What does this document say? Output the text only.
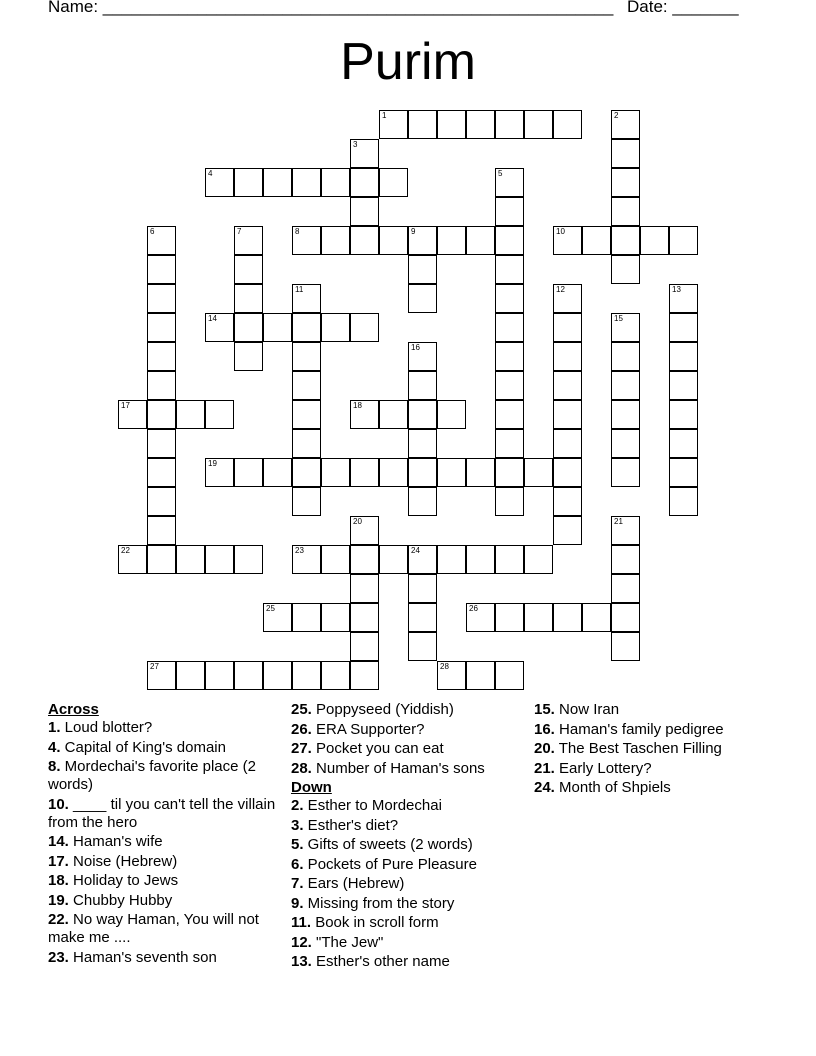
Name: ______________________________________________________ Date: _______
Purim
1	2
3
4	5
6	7	8	9	10
11	12	13
14	15
16
17	18
19
20	21
22	23	24
25	26
27	28
Across
1. Loud blotter?
4. Capital of King's domain
8. Mordechai's favorite place (2 words)
10. ____ til you can't tell the villain from the hero
14. Haman's wife
17. Noise (Hebrew)
18. Holiday to Jews
19. Chubby Hubby
22. No way Haman, You will not make me ....
23. Haman's seventh son
25. Poppyseed (Yiddish)
26. ERA Supporter?
27. Pocket you can eat
28. Number of Haman's sons
Down
2. Esther to Mordechai
3. Esther's diet?
5. Gifts of sweets (2 words)
6. Pockets of Pure Pleasure
7. Ears (Hebrew)
9. Missing from the story
11. Book in scroll form
12. "The Jew"
13. Esther's other name
15. Now Iran
16. Haman's family pedigree
20. The Best Taschen Filling
21. Early Lottery?
24. Month of Shpiels
